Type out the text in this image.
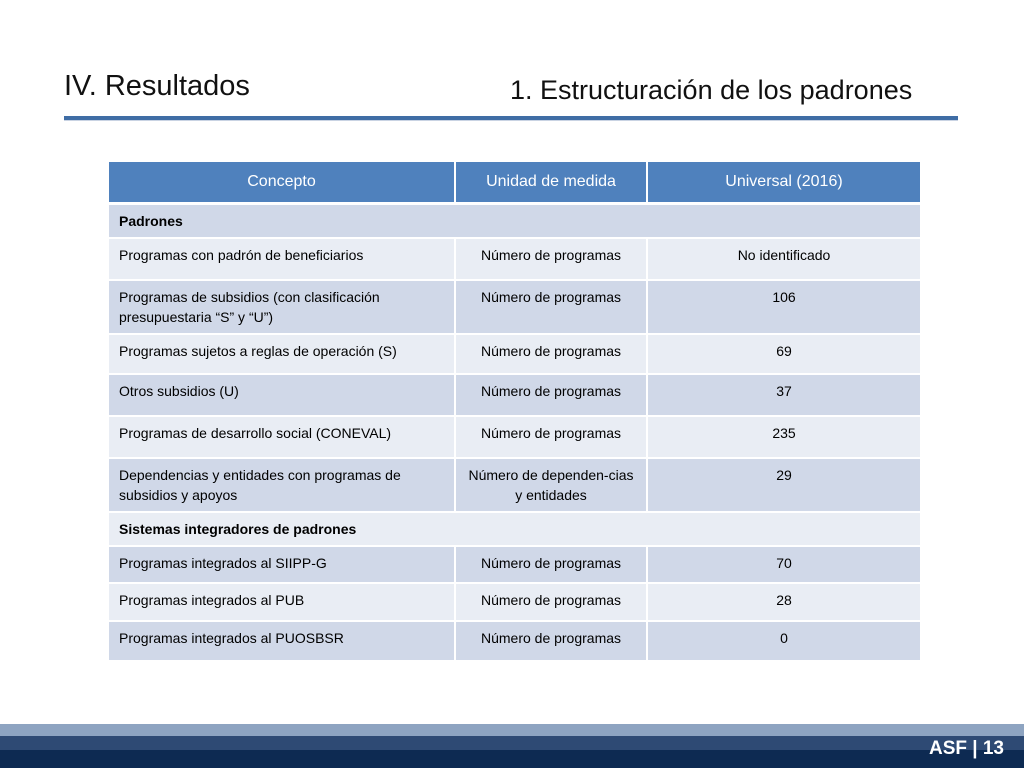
IV. Resultados	1. Estructuración de los padrones
Concepto	Unidad de medida	Universal (2016)
Padrones		
Programas con padrón de beneficiarios	Número de programas	No identificado
Programas de subsidios (con clasificación presupuestaria “S” y “U”)	Número de programas	106
Programas sujetos a reglas de operación (S)	Número de programas	69
Otros subsidios (U)	Número de programas	37
Programas de desarrollo social (CONEVAL)	Número de programas	235
Dependencias y entidades con programas de subsidios y apoyos	Número de dependen-cias y entidades	29
Sistemas integradores de padrones		
Programas integrados al SIIPP-G	Número de programas	70
Programas integrados al PUB	Número de programas	28
Programas integrados al PUOSBSR	Número de programas	0
ASF | 13
